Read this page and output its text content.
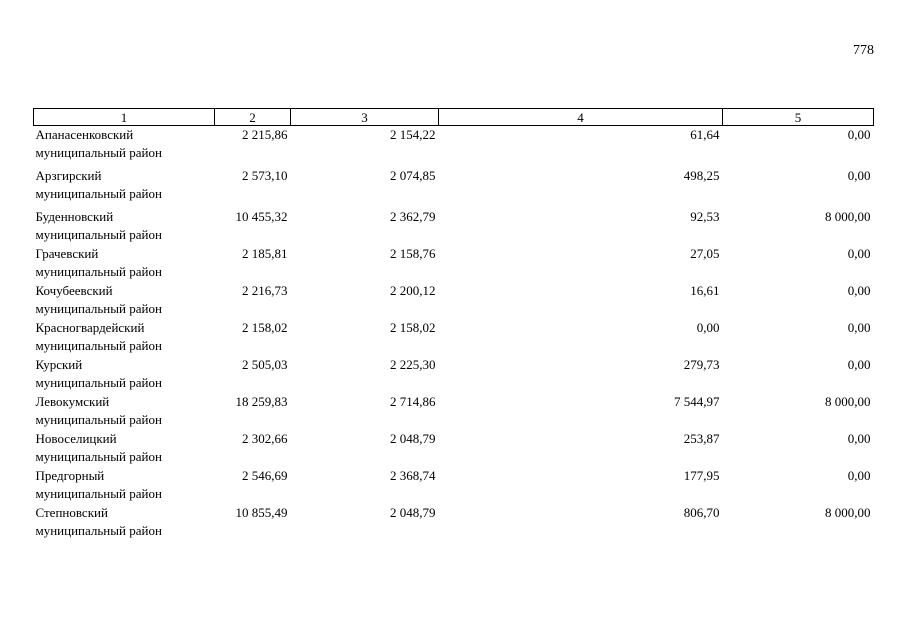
778
1	2	3	4	5

Апанасенковский
муниципальный район	2 215,86	2 154,22	61,64	0,00

Арзгирский
муниципальный район	2 573,10	2 074,85	498,25	0,00

Буденновский
муниципальный район	10 455,32	2 362,79	92,53	8 000,00

Грачевский
муниципальный район	2 185,81	2 158,76	27,05	0,00

Кочубеевский
муниципальный район	2 216,73	2 200,12	16,61	0,00

Красногвардейский
муниципальный район	2 158,02	2 158,02	0,00	0,00

Курский
муниципальный район	2 505,03	2 225,30	279,73	0,00

Левокумский
муниципальный район	18 259,83	2 714,86	7 544,97	8 000,00

Новоселицкий
муниципальный район	2 302,66	2 048,79	253,87	0,00

Предгорный
муниципальный район	2 546,69	2 368,74	177,95	0,00

Степновский
муниципальный район	10 855,49	2 048,79	806,70	8 000,00
